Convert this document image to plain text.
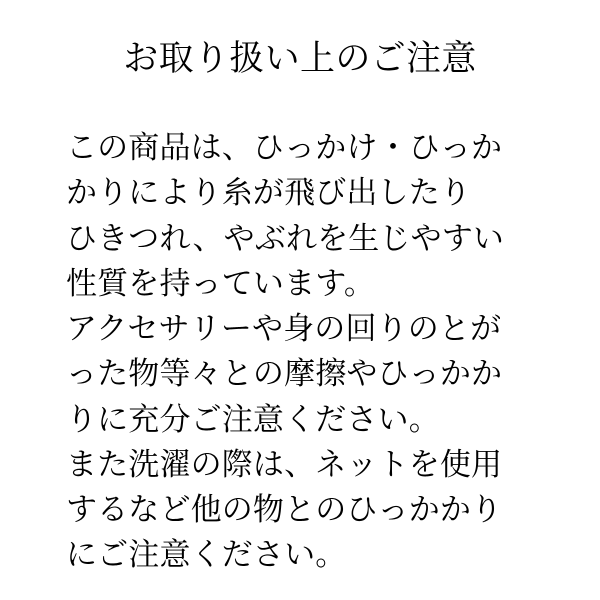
お取り扱い上のご注意
この商品は、ひっかけ・ひっか
かりにより糸が飛び出したり
ひきつれ、やぶれを生じやすい
性質を持っています。
アクセサリーや身の回りのとが
った物等々との摩擦やひっかか
りに充分ご注意ください。
また洗濯の際は、ネットを使用
するなど他の物とのひっかかり
にご注意ください。
